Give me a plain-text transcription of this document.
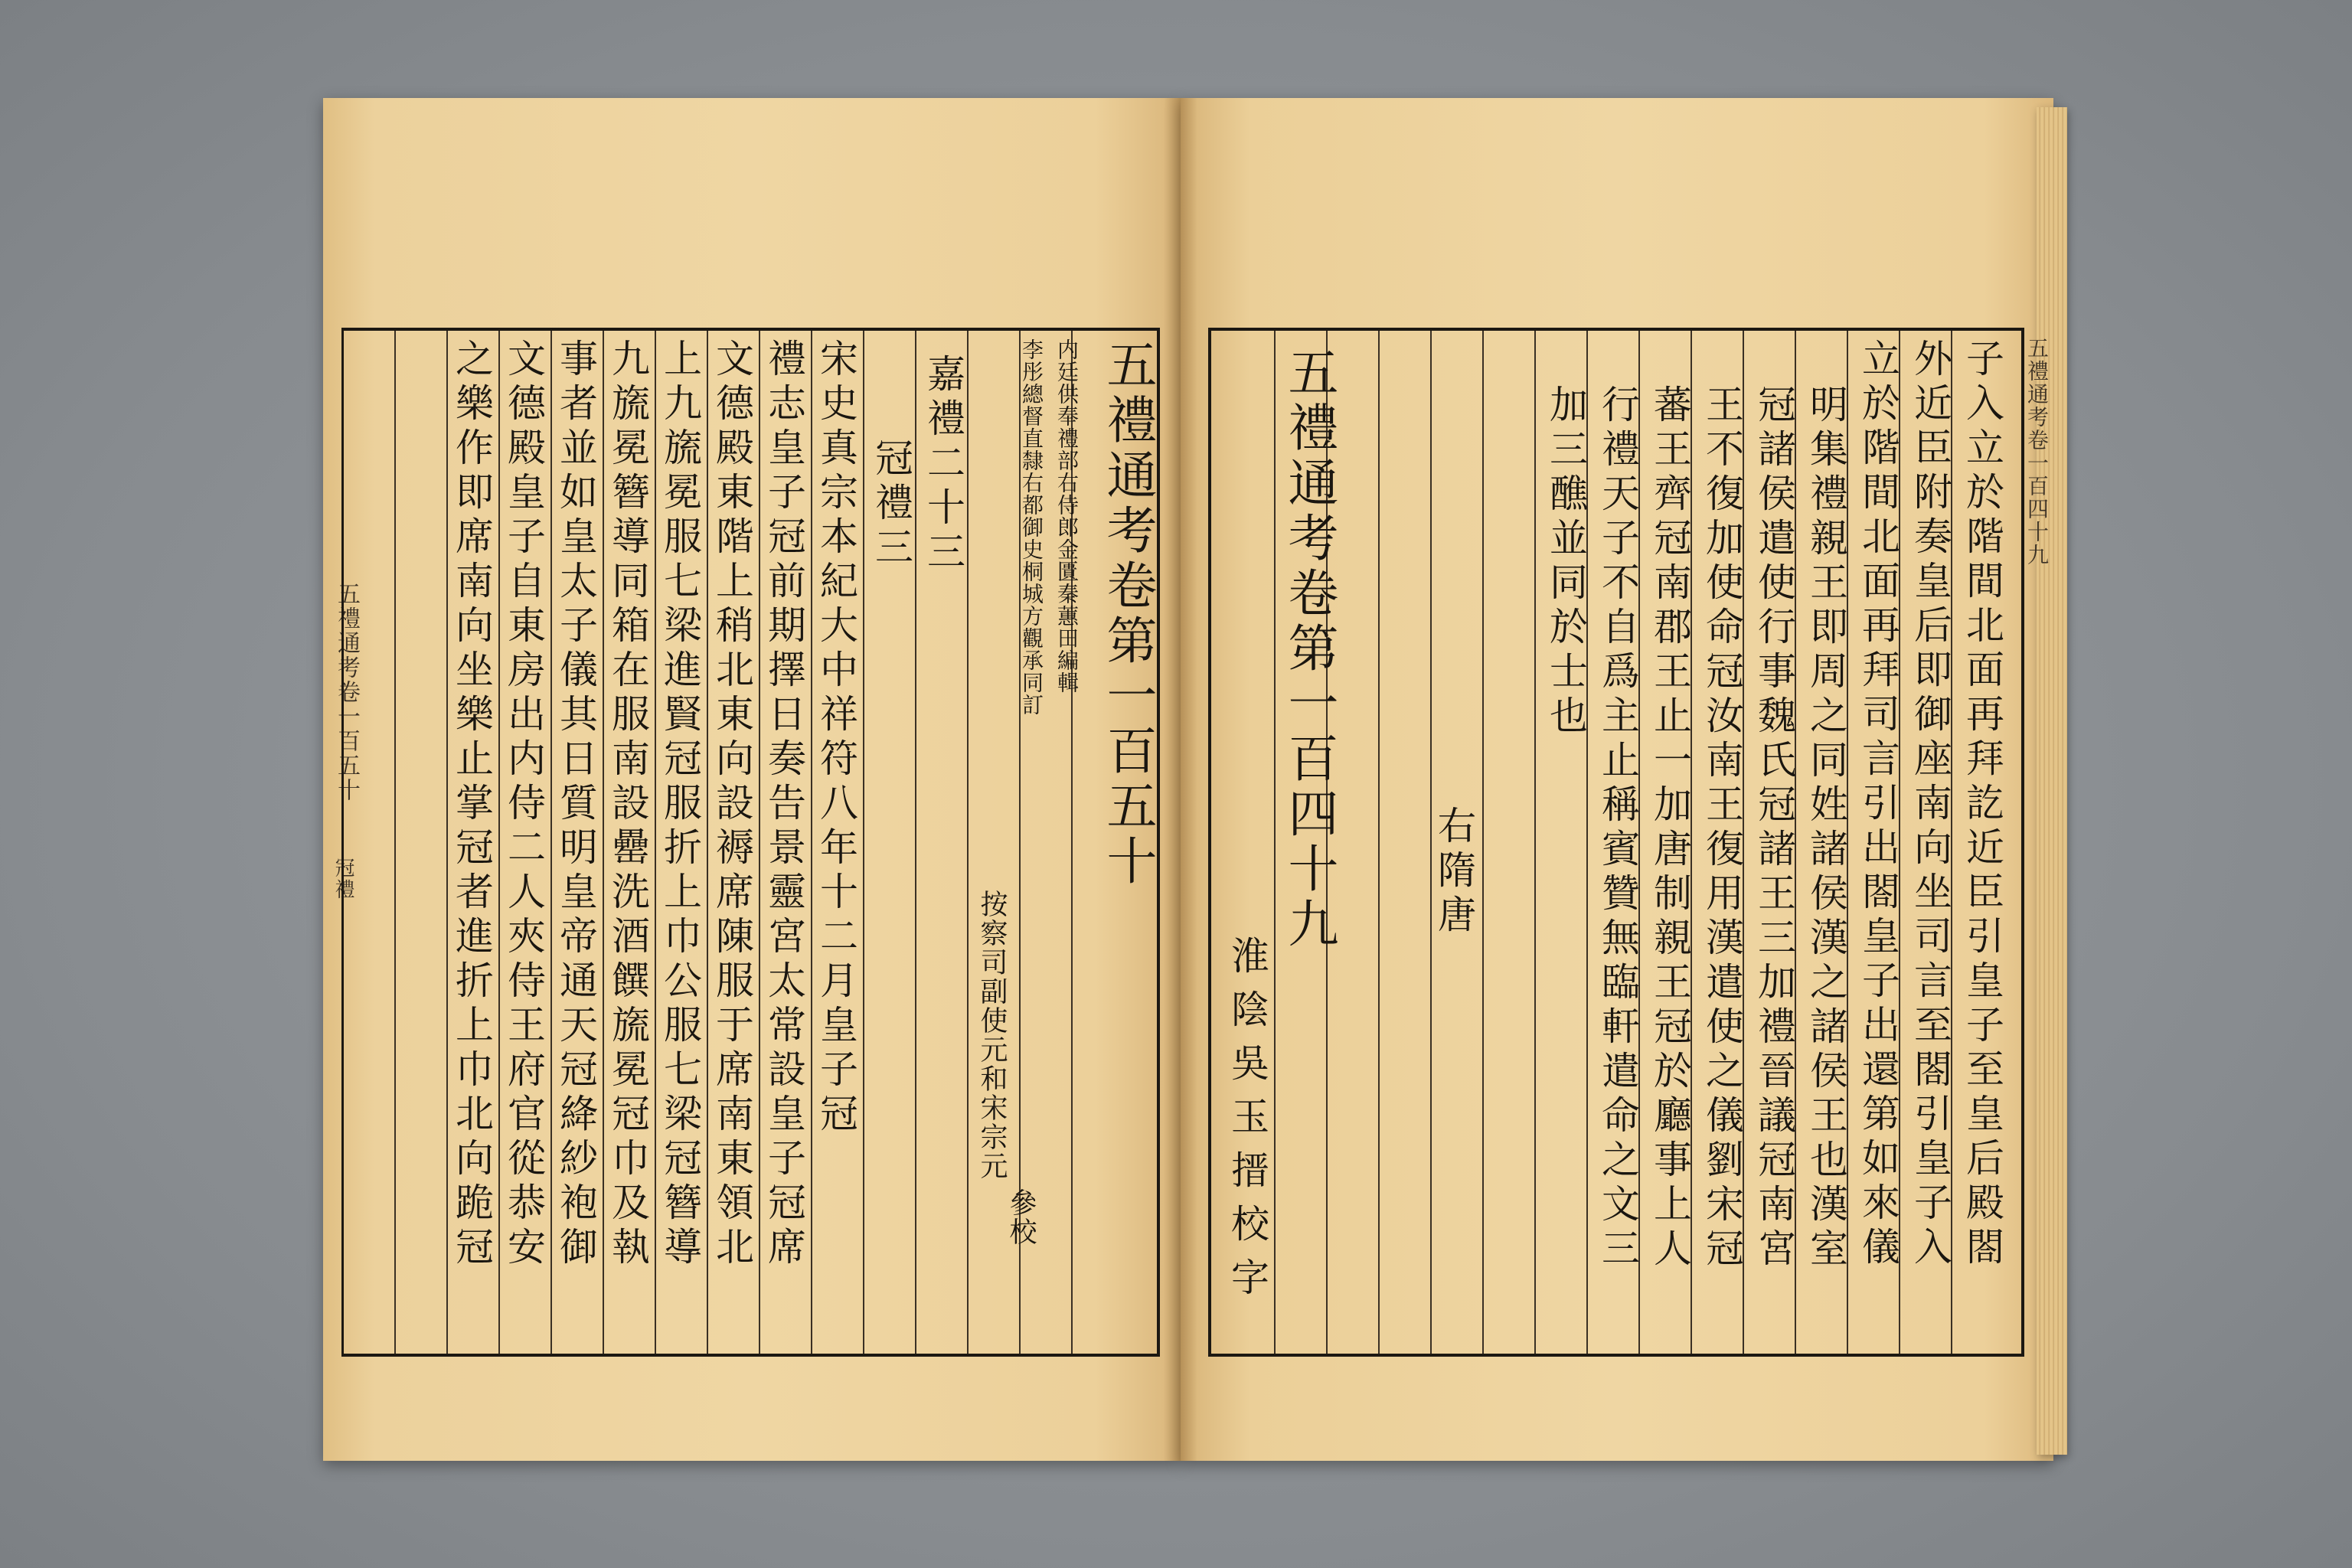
五禮通考卷一百五十
冠禮	五禮通考卷第一百五十
内廷供奉禮部右侍郎金匱秦蕙田編輯
李彤總督直隸右都御史桐城方觀承同訂
按察司副使元和宋宗元
參校
嘉禮二十三
冠禮三
宋史真宗本紀大中祥符八年十二月皇子冠
禮志皇子冠前期擇日奏告景靈宮太常設皇子冠席
文德殿東階上稍北東向設褥席陳服于席南東領北
上九旒冕服七梁進賢冠服折上巾公服七梁冠簪導
九旒冕簪導同箱在服南設罍洗酒饌旒冕冠巾及執
事者並如皇太子儀其日質明皇帝通天冠絳紗袍御
文德殿皇子自東房出内侍二人夾侍王府官從恭安
之樂作即席南向坐樂止掌冠者進折上巾北向跪冠	子入立於階間北面再拜訖近臣引皇子至皇后殿閤
外近臣附奏皇后即御座南向坐司言至閤引皇子入
立於階間北面再拜司言引出閤皇子出還第如來儀
明集禮親王即周之同姓諸侯漢之諸侯王也漢室
冠諸侯遣使行事魏氏冠諸王三加禮晉議冠南宮
王不復加使命冠汝南王復用漢遣使之儀劉宋冠
蕃王齊冠南郡王止一加唐制親王冠於廳事上人
行禮天子不自爲主止稱賓贊無臨軒遣命之文三
加三醮並同於士也
右隋唐
五禮通考卷第一百四十九
淮陰吳玉搢校字
五禮通考卷一百四十九
